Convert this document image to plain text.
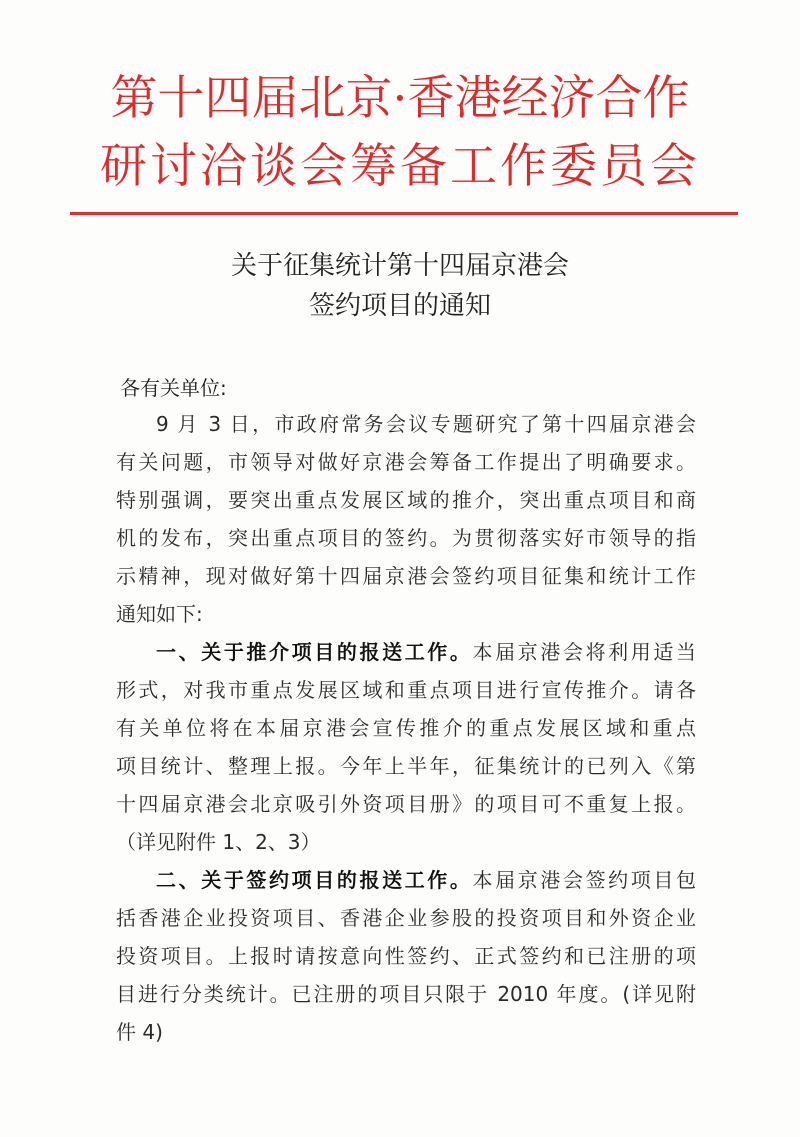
第十四届北京·香港经济合作
研讨洽谈会筹备工作委员会
关于征集统计第十四届京港会
签约项目的通知
各有关单位:
9 月 3 日，市政府常务会议专题研究了第十四届京港会
有关问题，市领导对做好京港会筹备工作提出了明确要求。
特别强调，要突出重点发展区域的推介，突出重点项目和商
机的发布，突出重点项目的签约。为贯彻落实好市领导的指
示精神，现对做好第十四届京港会签约项目征集和统计工作
通知如下:
一、关于推介项目的报送工作。本届京港会将利用适当
形式，对我市重点发展区域和重点项目进行宣传推介。请各
有关单位将在本届京港会宣传推介的重点发展区域和重点
项目统计、整理上报。今年上半年，征集统计的已列入《第
十四届京港会北京吸引外资项目册》的项目可不重复上报。
（详见附件 1、2、3）
二、关于签约项目的报送工作。本届京港会签约项目包
括香港企业投资项目、香港企业参股的投资项目和外资企业
投资项目。上报时请按意向性签约、正式签约和已注册的项
目进行分类统计。已注册的项目只限于 2010 年度。(详见附
件 4)
